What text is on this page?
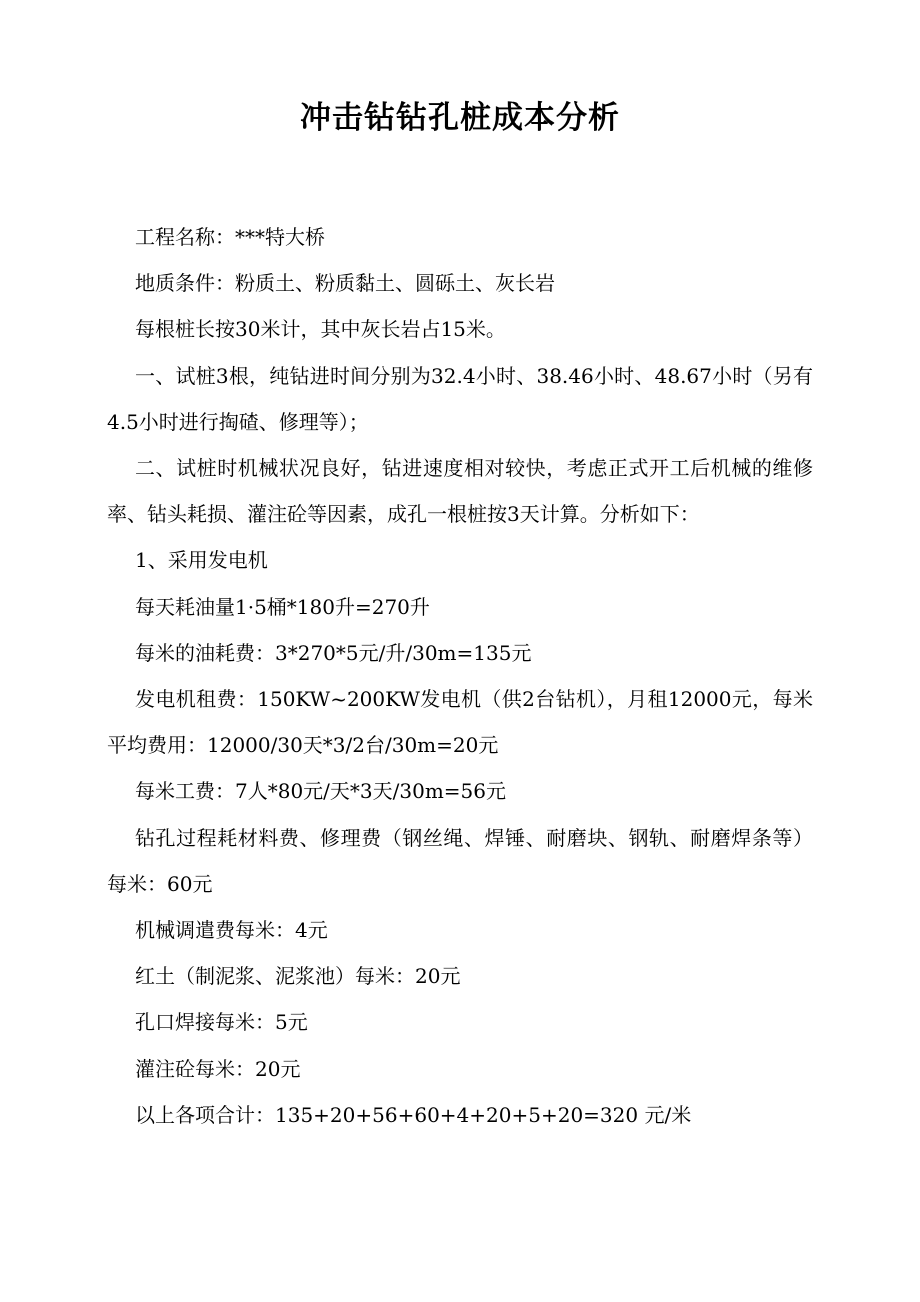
冲击钻钻孔桩成本分析

工程名称：***特大桥

地质条件：粉质土、粉质黏土、圆砾土、灰长岩

每根桩长按30米计，其中灰长岩占15米。

一、试桩3根，纯钻进时间分别为32.4小时、38.46小时、48.67小时（另有4.5小时进行掏碴、修理等）；

二、试桩时机械状况良好，钻进速度相对较快，考虑正式开工后机械的维修率、钻头耗损、灌注砼等因素，成孔一根桩按3天计算。分析如下：

1、采用发电机

每天耗油量1·5桶*180升=270升

每米的油耗费：3*270*5元/升/30m=135元

发电机租费：150KW~200KW发电机（供2台钻机），月租12000元，每米平均费用：12000/30天*3/2台/30m=20元

每米工费：7人*80元/天*3天/30m=56元

钻孔过程耗材料费、修理费（钢丝绳、焊锤、耐磨块、钢轨、耐磨焊条等）每米：60元

机械调遣费每米：4元

红土（制泥浆、泥浆池）每米：20元

孔口焊接每米：5元

灌注砼每米：20元

以上各项合计：135+20+56+60+4+20+5+20=320 元/米
